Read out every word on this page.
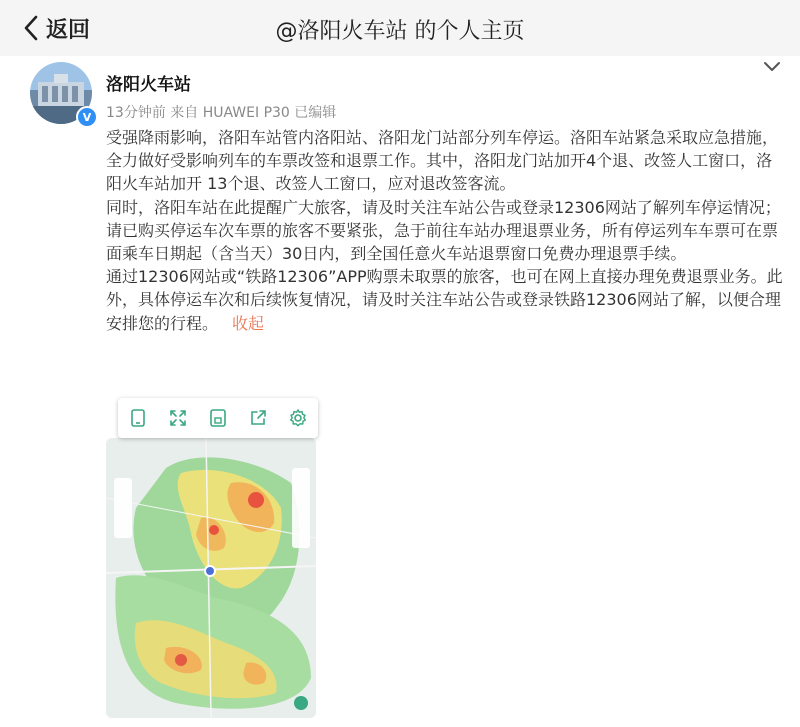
返回	@洛阳火车站 的个人主页
V
洛阳火车站
13分钟前 来自 HUAWEI P30 已编辑

受强降雨影响，洛阳车站管内洛阳站、洛阳龙门站部分列车停运。洛阳车站紧急采取应急措施，全力做好受影响列车的车票改签和退票工作。其中，洛阳龙门站加开4个退、改签人工窗口，洛阳火车站加开 13个退、改签人工窗口，应对退改签客流。

同时，洛阳车站在此提醒广大旅客，请及时关注车站公告或登录12306网站了解列车停运情况；请已购买停运车次车票的旅客不要紧张，急于前往车站办理退票业务，所有停运列车车票可在票面乘车日期起（含当天）30日内，到全国任意火车站退票窗口免费办理退票手续。

通过12306网站或“铁路12306”APP购票未取票的旅客，也可在网上直接办理免费退票业务。此外，具体停运车次和后续恢复情况，请及时关注车站公告或登录铁路12306网站了解，以便合理安排您的行程。 收起
